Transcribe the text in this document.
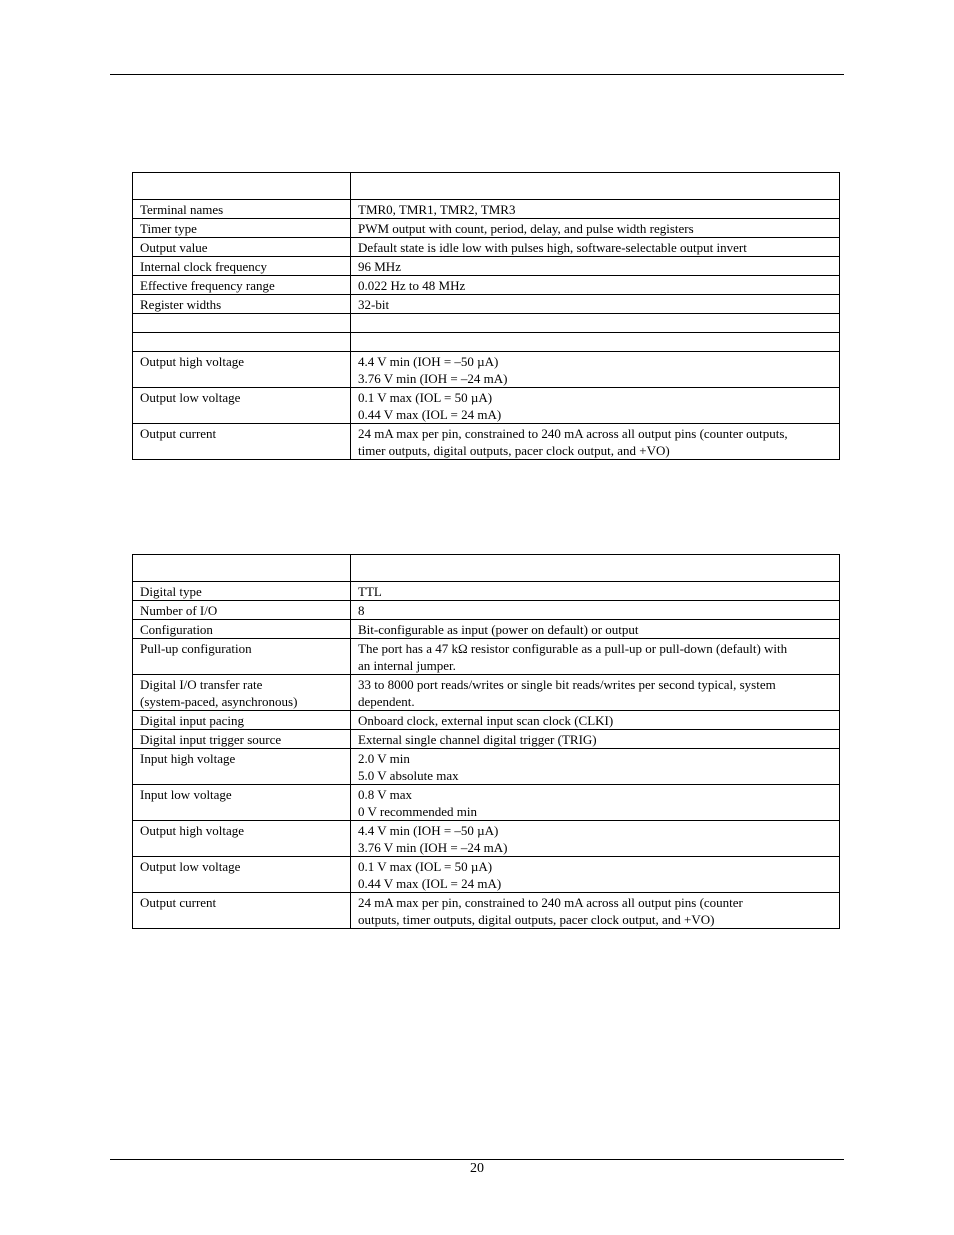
Terminal names	TMR0, TMR1, TMR2, TMR3

Timer type	PWM output with count, period, delay, and pulse width registers

Output value	Default state is idle low with pulses high, software-selectable output invert

Internal clock frequency	96 MHz

Effective frequency range	0.022 Hz to 48 MHz

Register widths	32-bit

Output high voltage	4.4 V min (IOH = –50 µA)
3.76 V min (IOH = –24 mA)

Output low voltage	0.1 V max (IOL = 50 µA)
0.44 V max (IOL = 24 mA)

Output current	24 mA max per pin, constrained to 240 mA across all output pins (counter outputs,
timer outputs, digital outputs, pacer clock output, and +VO)

Digital type	TTL

Number of I/O	8

Configuration	Bit-configurable as input (power on default) or output

Pull-up configuration	The port has a 47 kΩ resistor configurable as a pull-up or pull-down (default) with
an internal jumper.

Digital I/O transfer rate
(system-paced, asynchronous)	33 to 8000 port reads/writes or single bit reads/writes per second typical, system
dependent.

Digital input pacing	Onboard clock, external input scan clock (CLKI)

Digital input trigger source	External single channel digital trigger (TRIG)

Input high voltage	2.0 V min
5.0 V absolute max

Input low voltage	0.8 V max
0 V recommended min

Output high voltage	4.4 V min (IOH = –50 µA)
3.76 V min (IOH = –24 mA)

Output low voltage	0.1 V max (IOL = 50 µA)
0.44 V max (IOL = 24 mA)

Output current	24 mA max per pin, constrained to 240 mA across all output pins (counter
outputs, timer outputs, digital outputs, pacer clock output, and +VO)
20
